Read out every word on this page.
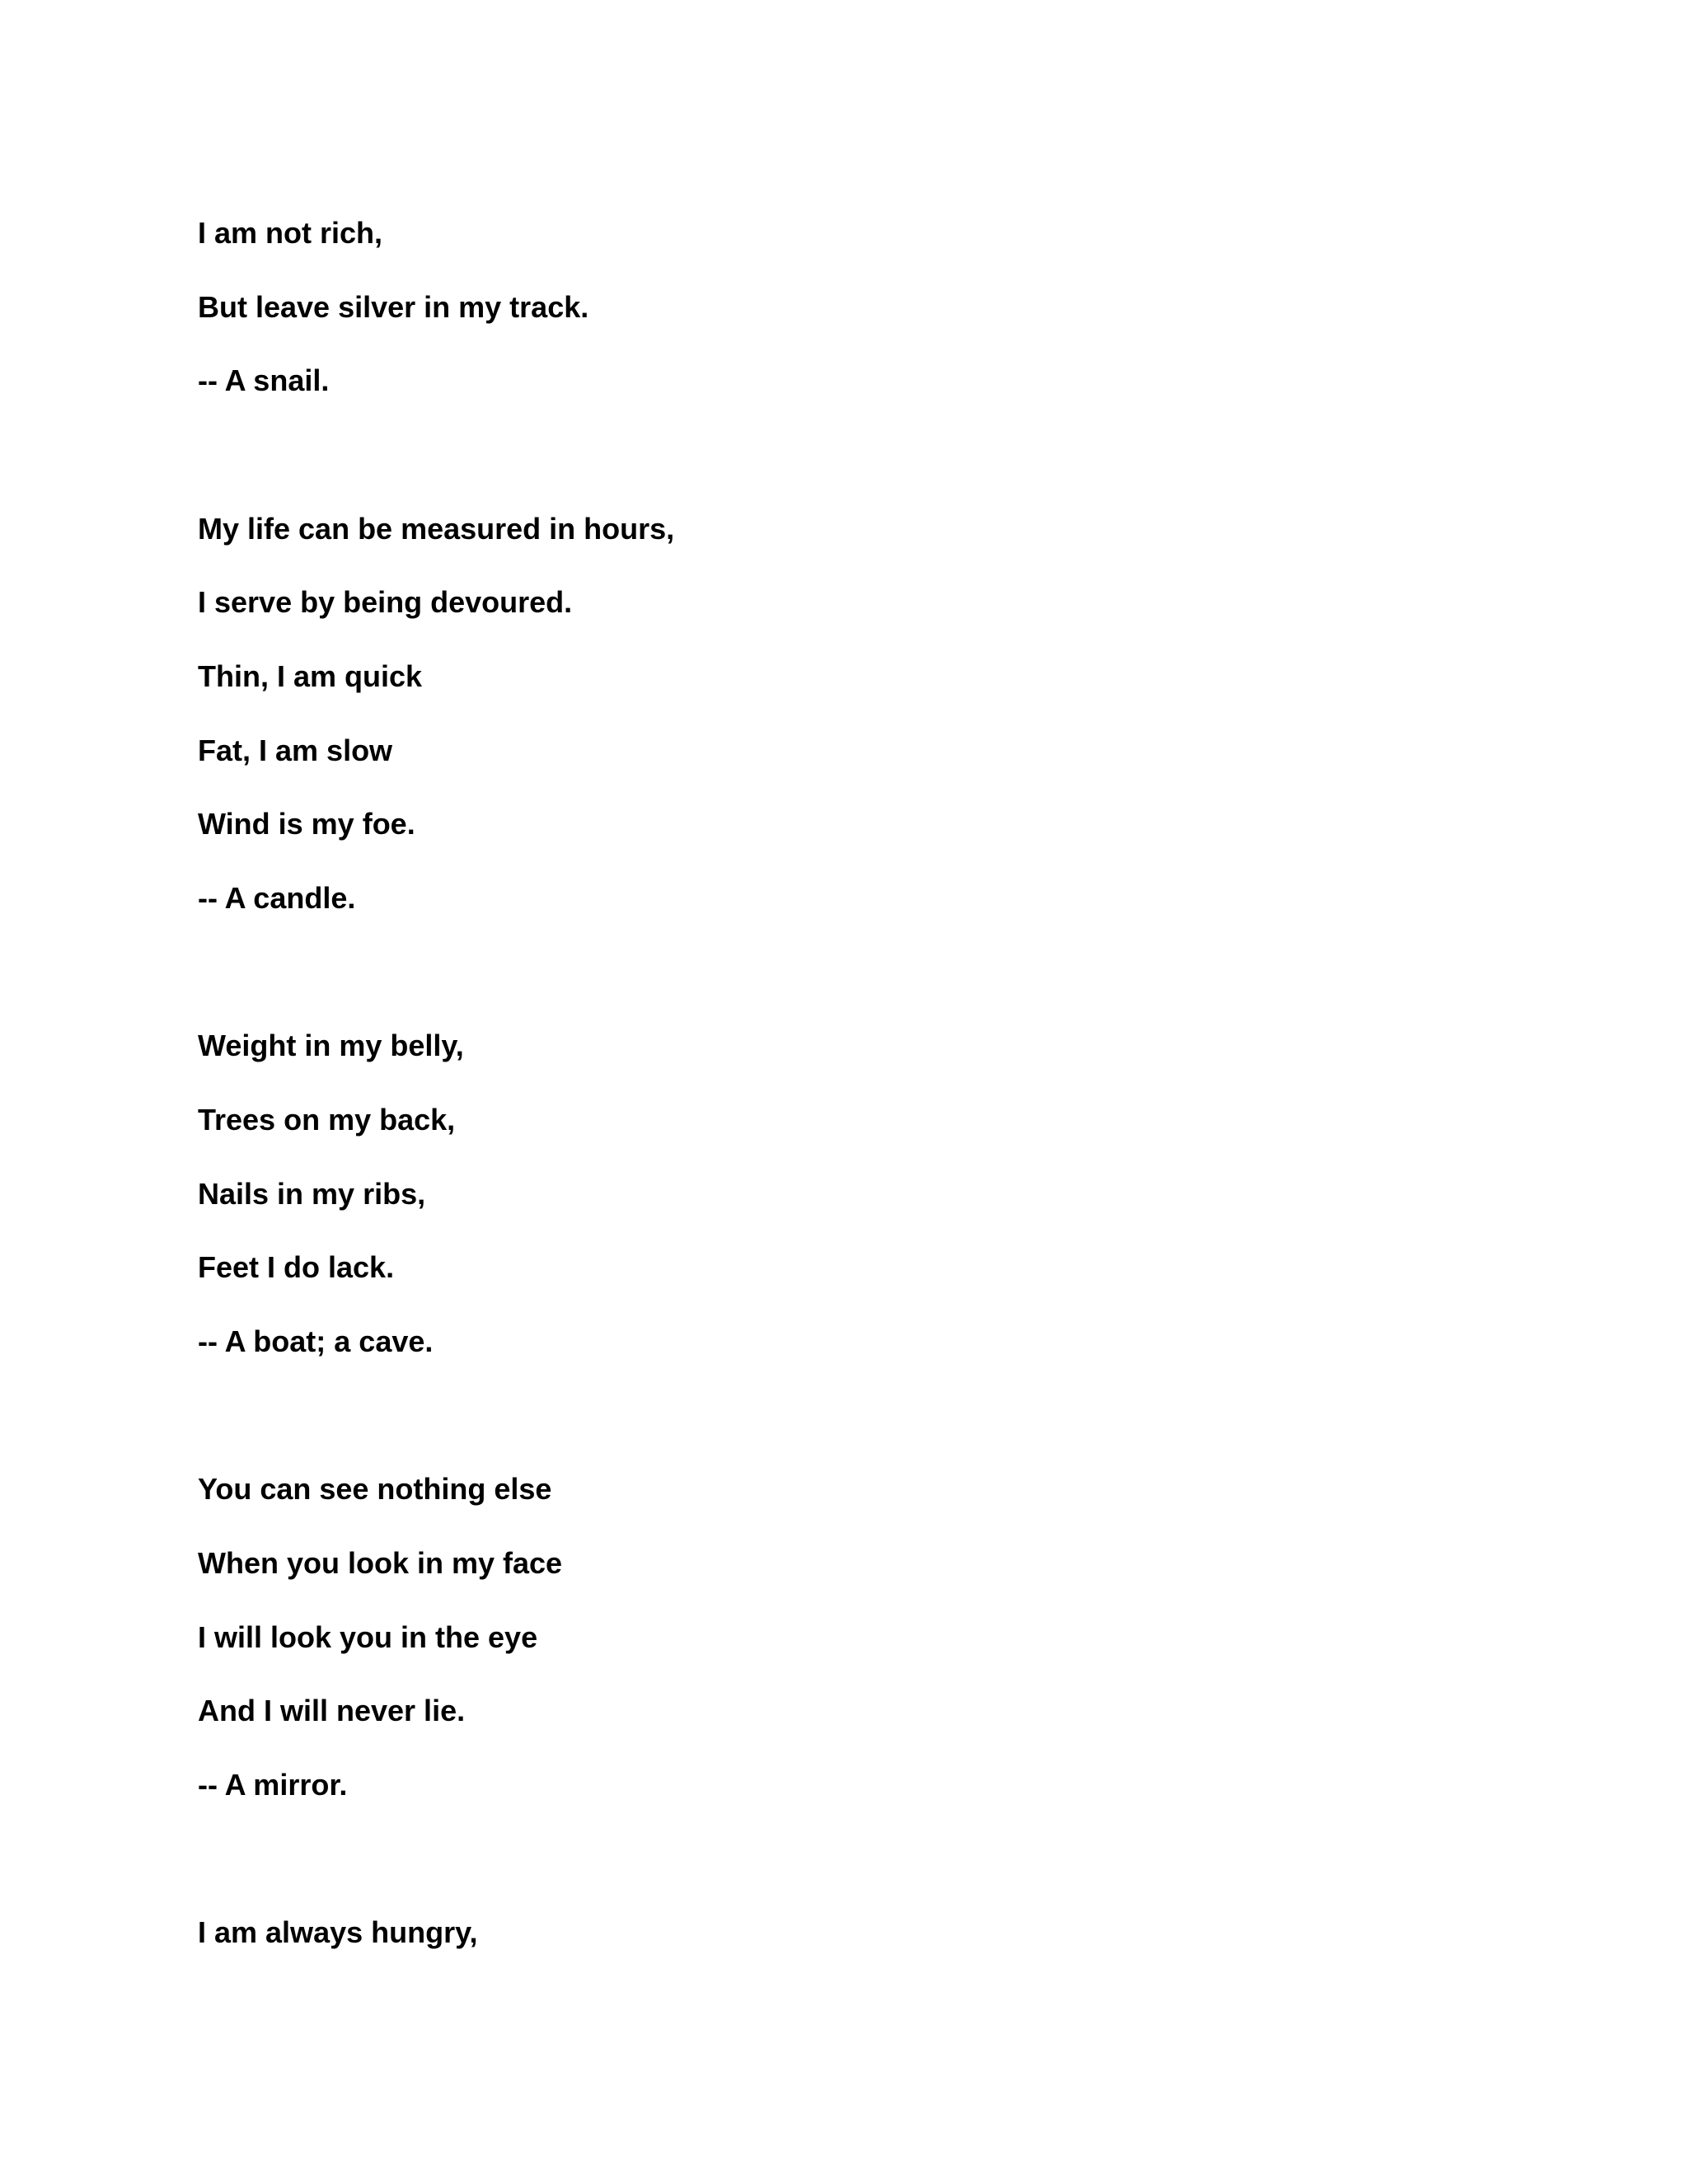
I am not rich,
But leave silver in my track.
-- A snail.
My life can be measured in hours,
I serve by being devoured.
Thin, I am quick
Fat, I am slow
Wind is my foe.
-- A candle.
Weight in my belly,
Trees on my back,
Nails in my ribs,
Feet I do lack.
-- A boat; a cave.
You can see nothing else
When you look in my face
I will look you in the eye
And I will never lie.
-- A mirror.
I am always hungry,
